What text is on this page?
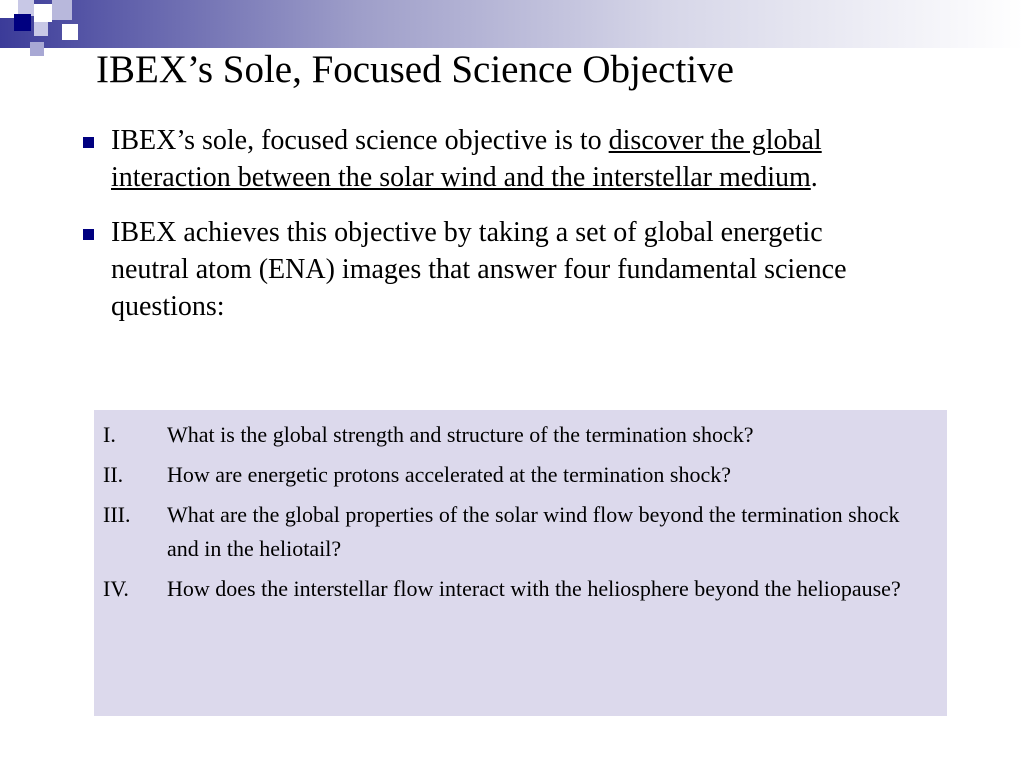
IBEX’s Sole, Focused Science Objective
IBEX’s sole, focused science objective is to discover the global interaction between the solar wind and the interstellar medium.
IBEX achieves this objective by taking a set of global energetic neutral atom (ENA) images that answer four fundamental science questions:
I.	What is the global strength and structure of the termination shock?
II.	How are energetic protons accelerated at the termination shock?
III.	What are the global properties of the solar wind flow beyond the termination shock and in the heliotail?
IV.	How does the interstellar flow interact with the heliosphere beyond the heliopause?
